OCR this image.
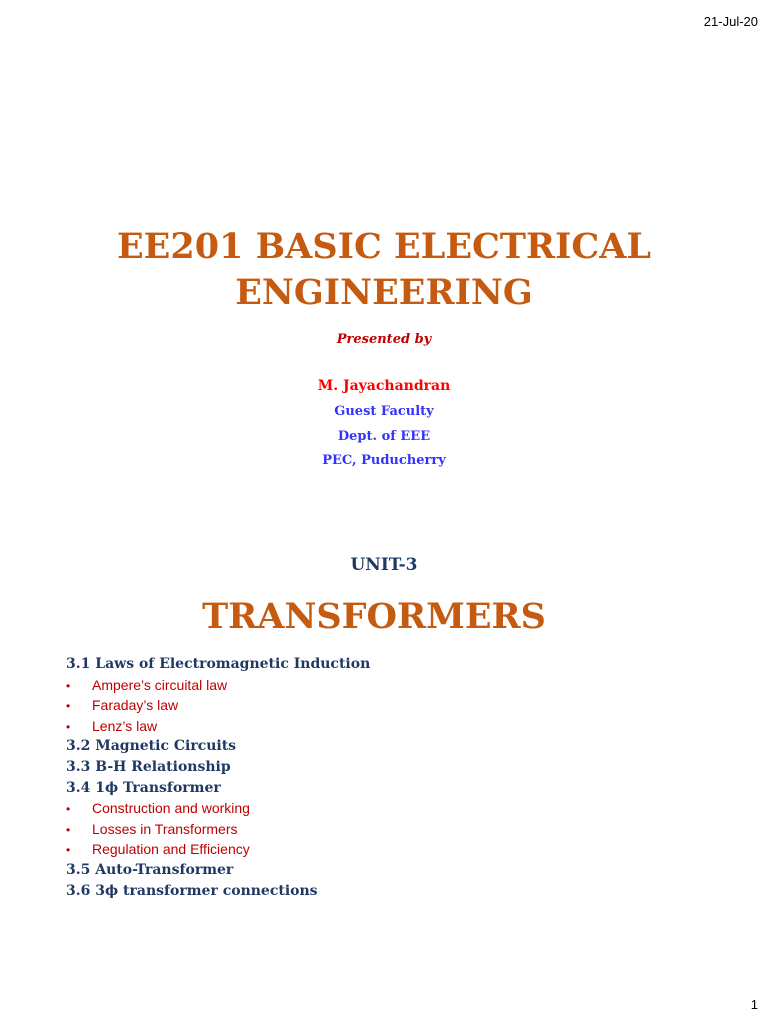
21-Jul-20
EE201 BASIC ELECTRICAL
ENGINEERING
Presented by
M. Jayachandran
Guest Faculty
Dept. of EEE
PEC, Puducherry
UNIT-3
TRANSFORMERS
3.1 Laws of Electromagnetic Induction
• Ampere’s circuital law
• Faraday’s law
• Lenz’s law
3.2 Magnetic Circuits
3.3 B-H Relationship
3.4 1ϕ Transformer
• Construction and working
• Losses in Transformers
• Regulation and Efficiency
3.5 Auto-Transformer
3.6 3ϕ transformer connections
1
